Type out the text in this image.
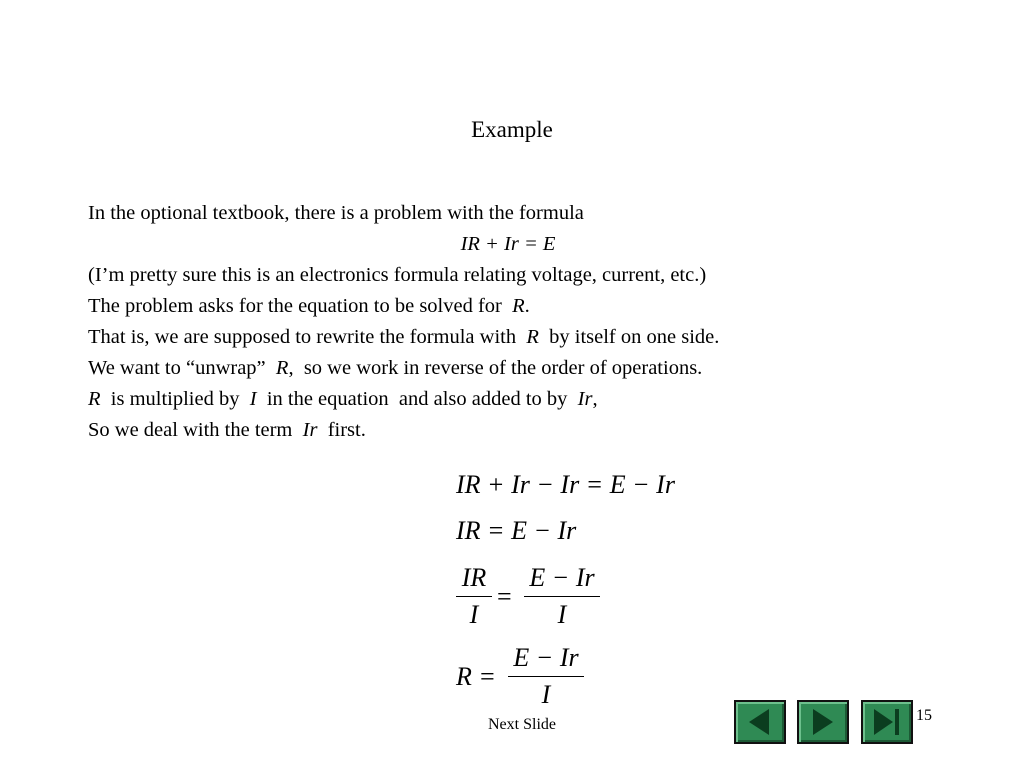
Example
In the optional textbook, there is a problem with the formula
IR + Ir = E
(I’m pretty sure this is an electronics formula relating voltage, current, etc.)
The problem asks for the equation to be solved for  R.
That is, we are supposed to rewrite the formula with  R  by itself on one side.
We want to “unwrap”  R,  so we work in reverse of the order of operations.
R  is multiplied by  I  in the equation  and also added to by  Ir,
So we deal with the term  Ir  first.
IR + Ir − Ir = E − Ir
IR = E − Ir
IR
I
=
E − Ir
I
R =
E − Ir
I
Next Slide
15
